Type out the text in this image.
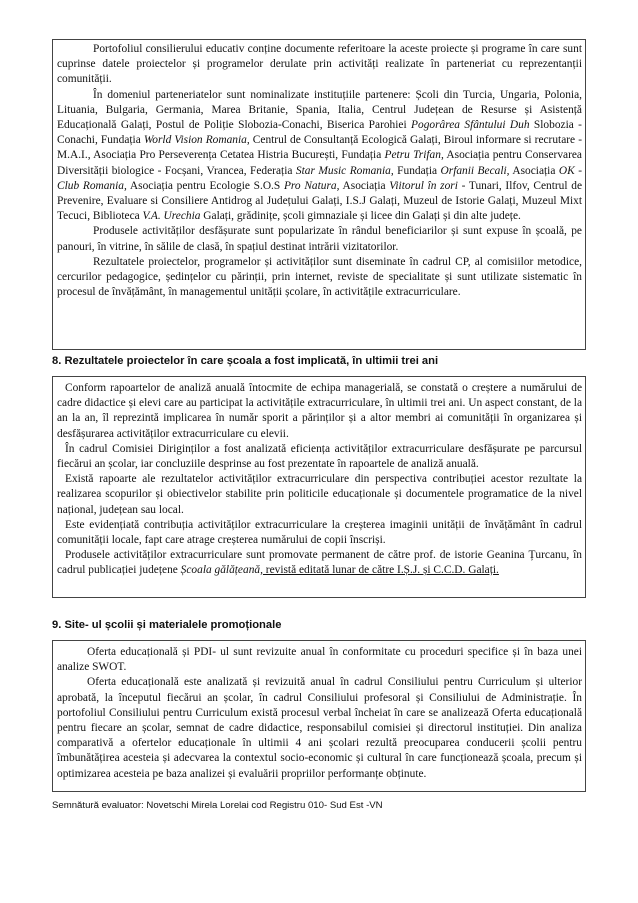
Portofoliul consilierului educativ conține documente referitoare la aceste proiecte și programe în care sunt cuprinse datele proiectelor și programelor derulate prin activități realizate în parteneriat cu reprezentanții comunității.

În domeniul parteneriatelor sunt nominalizate instituțiile partenere: Școli din Turcia, Ungaria, Polonia, Lituania, Bulgaria, Germania, Marea Britanie, Spania, Italia, Centrul Județean de Resurse și Asistență Educațională Galați, Postul de Poliție Slobozia-Conachi, Biserica Parohiei Pogorârea Sfântului Duh Slobozia - Conachi, Fundația World Vision Romania, Centrul de Consultanță Ecologică Galați, Biroul informare si recrutare - M.A.I., Asociația Pro Perseverența Cetatea Histria București, Fundația Petru Trifan, Asociația pentru Conservarea Diversității biologice - Focșani, Vrancea, Federația Star Music Romania, Fundația Orfanii Becali, Asociația OK - Club Romania, Asociația pentru Ecologie S.O.S Pro Natura, Asociația Viitorul în zori - Tunari, Ilfov, Centrul de Prevenire, Evaluare si Consiliere Antidrog al Județului Galați, I.S.J Galați, Muzeul de Istorie Galați, Muzeul Mixt Tecuci, Biblioteca V.A. Urechia Galați, grădinițe, școli gimnaziale și licee din Galați și din alte județe.

Produsele activităților desfășurate sunt popularizate în rândul beneficiarilor și sunt expuse în școală, pe panouri, în vitrine, în sălile de clasă, în spațiul destinat intrării vizitatorilor.

Rezultatele proiectelor, programelor și activităților sunt diseminate în cadrul CP, al comisiilor metodice, cercurilor pedagogice, ședințelor cu părinții, prin internet, reviste de specialitate și sunt utilizate sistematic în procesul de învățământ, în managementul unității școlare, în activitățile extracurriculare.

8. Rezultatele proiectelor în care școala a fost implicată, în ultimii trei ani

Conform rapoartelor de analiză anuală întocmite de echipa managerială, se constată o creștere a numărului de cadre didactice și elevi care au participat la activitățile extracurriculare, în ultimii trei ani. Un aspect constant, de la an la an, îl reprezintă implicarea în număr sporit a părinților și a altor membri ai comunității în organizarea și desfășurarea activităților extracurriculare cu elevii.

În cadrul Comisiei Diriginților a fost analizată eficiența activităților extracurriculare desfășurate pe parcursul fiecărui an școlar, iar concluziile desprinse au fost prezentate în rapoartele de analiză anuală.

Există rapoarte ale rezultatelor activităților extracurriculare din perspectiva contribuției acestor rezultate la realizarea scopurilor și obiectivelor stabilite prin politicile educaționale și documentele programatice de la nivel național, județean sau local.

Este evidențiată contribuția activităților extracurriculare la creșterea imaginii unității de învățământ în cadrul comunității locale, fapt care atrage creșterea numărului de copii înscriși.

Produsele activităților extracurriculare sunt promovate permanent de către prof. de istorie Geanina Țurcanu, în cadrul publicației județene Școala gălățeană, revistă editată lunar de către I.Ș.J. și C.C.D. Galați.

9. Site- ul școlii și materialele promoționale

Oferta educațională și PDI- ul sunt revizuite anual în conformitate cu proceduri specifice și în baza unei analize SWOT.

Oferta educațională este analizată și revizuită anual în cadrul Consiliului pentru Curriculum și ulterior aprobată, la începutul fiecărui an școlar, în cadrul Consiliului profesoral și Consiliului de Administrație. În portofoliul Consiliului pentru Curriculum există procesul verbal încheiat în care se analizează Oferta educațională pentru fiecare an școlar, semnat de cadre didactice, responsabilul comisiei și directorul instituției. Din analiza comparativă a ofertelor educaționale în ultimii 4 ani școlari rezultă preocuparea conducerii școlii pentru îmbunătățirea acesteia și adecvarea la contextul socio-economic și cultural în care funcționează școala, precum și optimizarea acesteia pe baza analizei și evaluării propriilor performanțe obținute.

Semnătură evaluator: Novetschi Mirela Lorelai cod Registru 010- Sud Est -VN
